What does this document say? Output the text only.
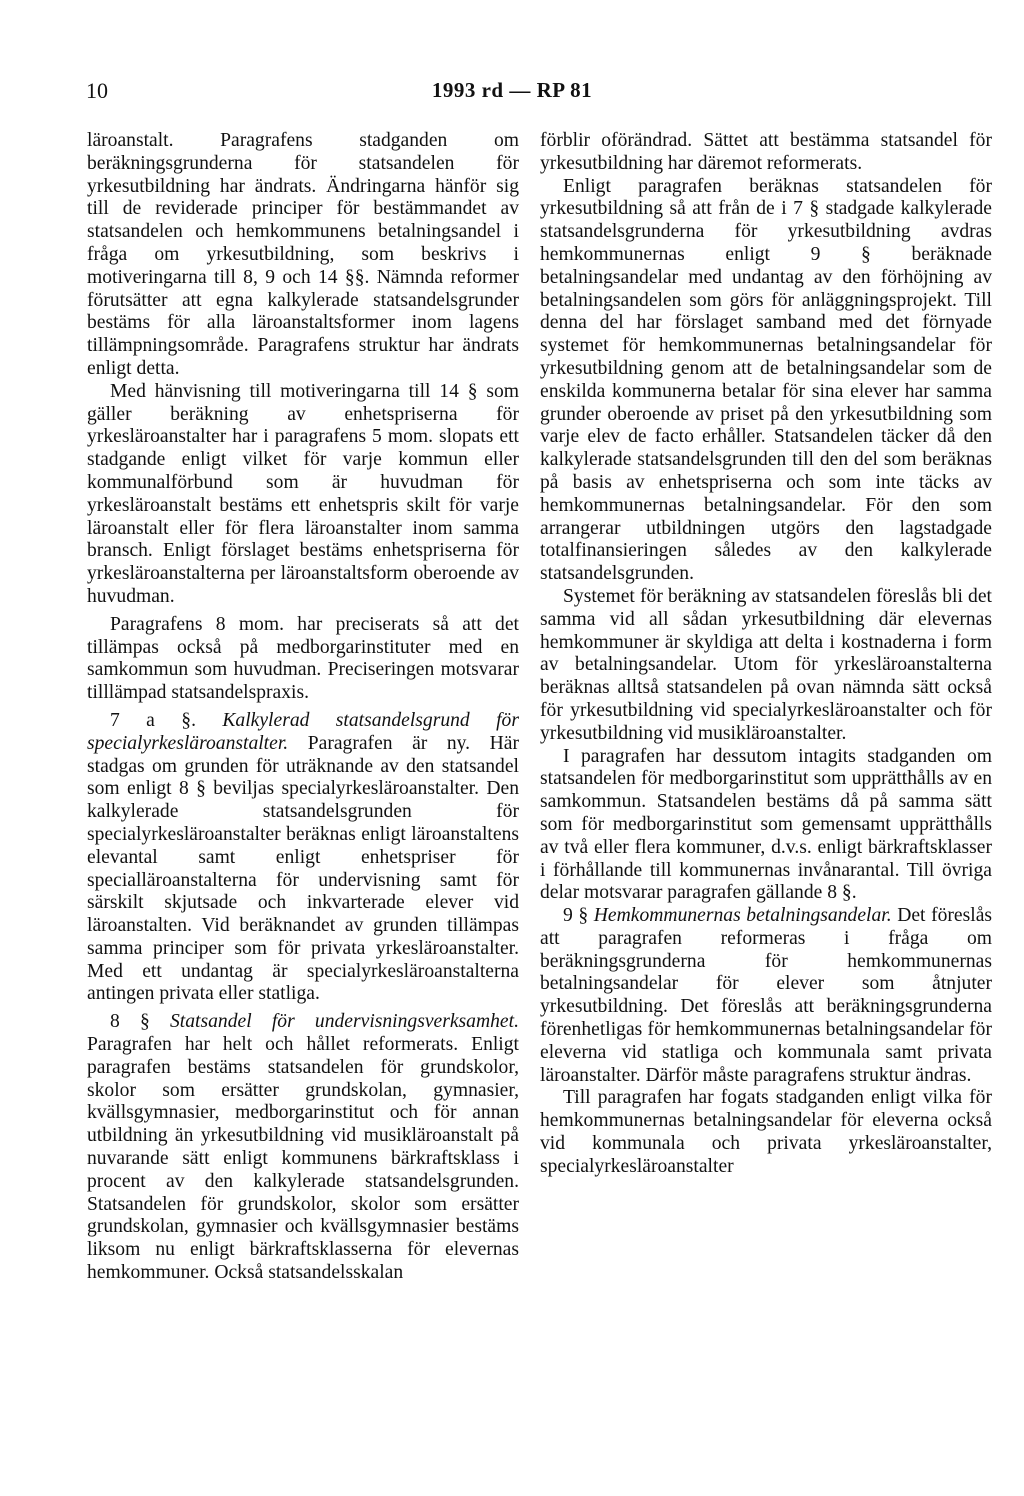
10	1993 rd — RP 81

läroanstalt. Paragrafens stadganden om beräkningsgrunderna för statsandelen för yrkesutbildning har ändrats. Ändringarna hänför sig till de reviderade principer för bestämmandet av statsandelen och hemkommunens betalningsandel i fråga om yrkesutbildning, som beskrivs i motiveringarna till 8, 9 och 14 §§. Nämnda reformer förutsätter att egna kalkylerade statsandelsgrunder bestäms för alla läroanstaltsformer inom lagens tillämpningsområde. Paragrafens struktur har ändrats enligt detta.

Med hänvisning till motiveringarna till 14 § som gäller beräkning av enhetspriserna för yrkesläroanstalter har i paragrafens 5 mom. slopats ett stadgande enligt vilket för varje kommun eller kommunalförbund som är huvudman för yrkesläroanstalt bestäms ett enhetspris skilt för varje läroanstalt eller för flera läroanstalter inom samma bransch. Enligt förslaget bestäms enhetspriserna för yrkesläroanstalterna per läroanstaltsform oberoende av huvudman.

Paragrafens 8 mom. har preciserats så att det tillämpas också på medborgarinstituter med en samkommun som huvudman. Preciseringen motsvarar tilllämpad statsandelspraxis.

7 a §. Kalkylerad statsandelsgrund för specialyrkesläroanstalter. Paragrafen är ny. Här stadgas om grunden för uträknande av den statsandel som enligt 8 § beviljas specialyrkesläroanstalter. Den kalkylerade statsandelsgrunden för specialyrkesläroanstalter beräknas enligt läroanstaltens elevantal samt enligt enhetspriser för specialläroanstalterna för undervisning samt för särskilt skjutsade och inkvarterade elever vid läroanstalten. Vid beräknandet av grunden tillämpas samma principer som för privata yrkesläroanstalter. Med ett undantag är specialyrkesläroanstalterna antingen privata eller statliga.

8 § Statsandel för undervisningsverksamhet. Paragrafen har helt och hållet reformerats. Enligt paragrafen bestäms statsandelen för grundskolor, skolor som ersätter grundskolan, gymnasier, kvällsgymnasier, medborgarinstitut och för annan utbildning än yrkesutbildning vid musikläroanstalt på nuvarande sätt enligt kommunens bärkraftsklass i procent av den kalkylerade statsandelsgrunden. Statsandelen för grundskolor, skolor som ersätter grundskolan, gymnasier och kvällsgymnasier bestäms liksom nu enligt bärkraftsklasserna för elevernas hemkommuner. Också statsandelsskalan

förblir oförändrad. Sättet att bestämma statsandel för yrkesutbildning har däremot reformerats.

Enligt paragrafen beräknas statsandelen för yrkesutbildning så att från de i 7 § stadgade kalkylerade statsandelsgrunderna för yrkesutbildning avdras hemkommunernas enligt 9 § beräknade betalningsandelar med undantag av den förhöjning av betalningsandelen som görs för anläggningsprojekt. Till denna del har förslaget samband med det förnyade systemet för hemkommunernas betalningsandelar för yrkesutbildning genom att de betalningsandelar som de enskilda kommunerna betalar för sina elever har samma grunder oberoende av priset på den yrkesutbildning som varje elev de facto erhåller. Statsandelen täcker då den kalkylerade statsandelsgrunden till den del som beräknas på basis av enhetspriserna och som inte täcks av hemkommunernas betalningsandelar. För den som arrangerar utbildningen utgörs den lagstadgade totalfinansieringen således av den kalkylerade statsandelsgrunden.

Systemet för beräkning av statsandelen föreslås bli det samma vid all sådan yrkesutbildning där elevernas hemkommuner är skyldiga att delta i kostnaderna i form av betalningsandelar. Utom för yrkesläroanstalterna beräknas alltså statsandelen på ovan nämnda sätt också för yrkesutbildning vid specialyrkesläroanstalter och för yrkesutbildning vid musikläroanstalter.

I paragrafen har dessutom intagits stadganden om statsandelen för medborgarinstitut som upprätthålls av en samkommun. Statsandelen bestäms då på samma sätt som för medborgarinstitut som gemensamt upprätthålls av två eller flera kommuner, d.v.s. enligt bärkraftsklasser i förhållande till kommunernas invånarantal. Till övriga delar motsvarar paragrafen gällande 8 §.

9 § Hemkommunernas betalningsandelar. Det föreslås att paragrafen reformeras i fråga om beräkningsgrunderna för hemkommunernas betalningsandelar för elever som åtnjuter yrkesutbildning. Det föreslås att beräkningsgrunderna förenhetligas för hemkommunernas betalningsandelar för eleverna vid statliga och kommunala samt privata läroanstalter. Därför måste paragrafens struktur ändras.

Till paragrafen har fogats stadganden enligt vilka för hemkommunernas betalningsandelar för eleverna också vid kommunala och privata yrkesläroanstalter, specialyrkesläroanstalter
